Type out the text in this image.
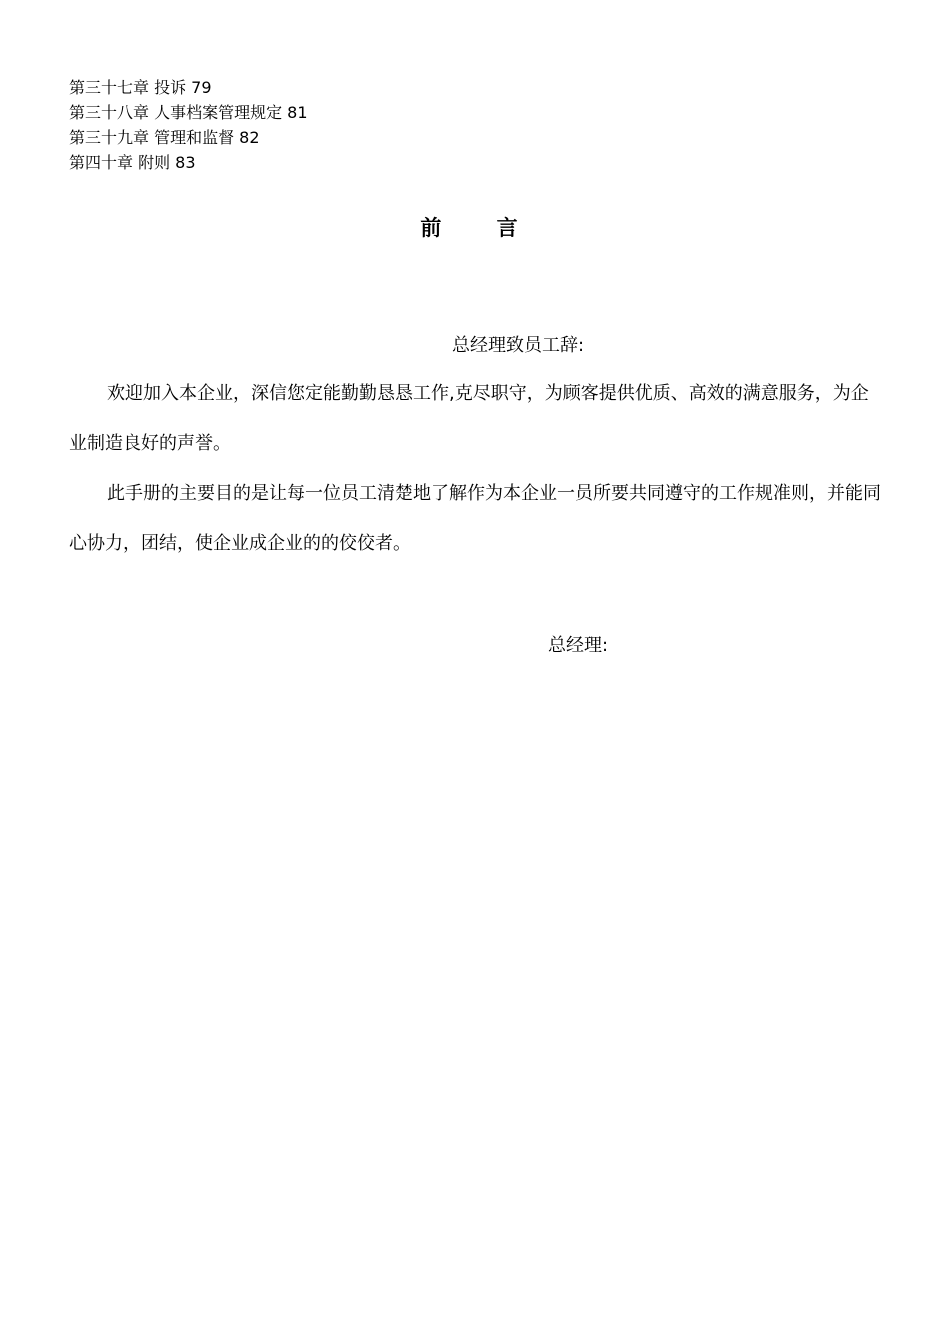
第三十七章 投诉 79
第三十八章 人事档案管理规定 81
第三十九章 管理和监督 82
第四十章 附则 83
前 言
总经理致员工辞:
欢迎加入本企业，深信您定能勤勤恳恳工作,克尽职守，为顾客提供优质、高效的满意服务，为企业制造良好的声誉。
此手册的主要目的是让每一位员工清楚地了解作为本企业一员所要共同遵守的工作规准则，并能同心协力，团结，使企业成企业的的佼佼者。
总经理:
